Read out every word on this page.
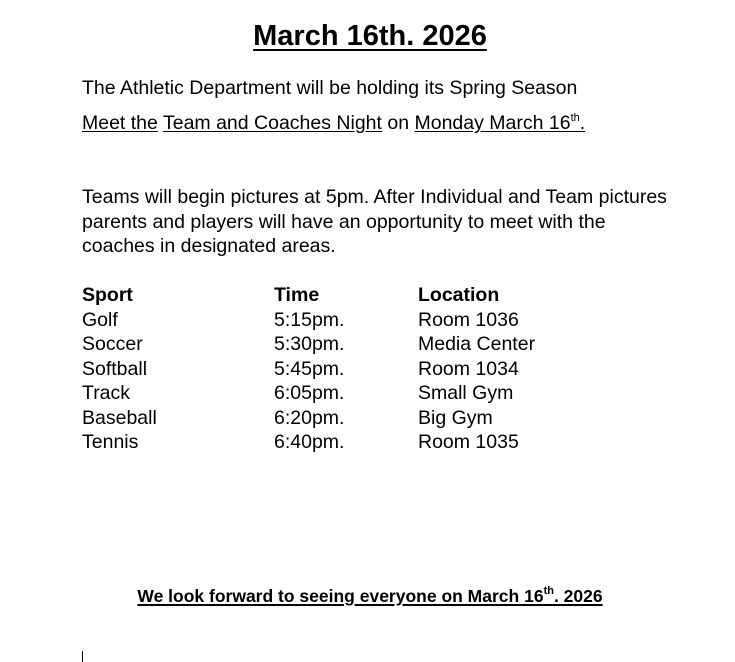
March 16th. 2026
The Athletic Department will be holding its Spring Season
Meet the Team and Coaches Night on Monday March 16th.
Teams will begin pictures at 5pm. After Individual and Team pictures parents and players will have an opportunity to meet with the coaches in designated areas.
Sport	Time	Location
Golf	5:15pm.	Room 1036
Soccer	5:30pm.	Media Center
Softball	5:45pm.	Room 1034
Track	6:05pm.	Small Gym
Baseball	6:20pm.	Big Gym
Tennis	6:40pm.	Room 1035
We look forward to seeing everyone on March 16th. 2026
